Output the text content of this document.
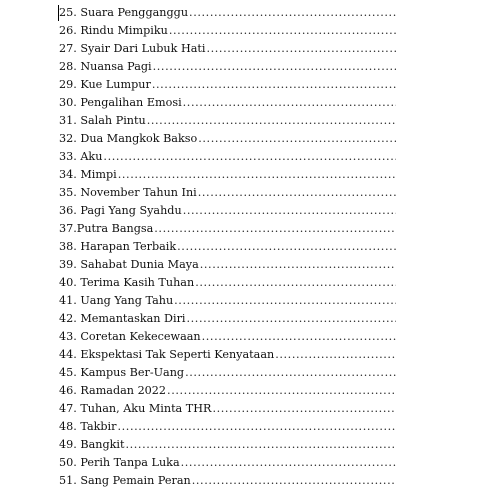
25. Suara Pengganggu
.....
26. Rindu Mimpiku
.....
27. Syair Dari Lubuk Hati
.....
28. Nuansa Pagi
.....
29. Kue Lumpur
.....
30. Pengalihan Emosi
.....
31. Salah Pintu
.....
32. Dua Mangkok Bakso
.....
33. Aku
.....
34. Mimpi
.....
35. November Tahun Ini
.....
36. Pagi Yang Syahdu
.....
37.Putra Bangsa
.....
38. Harapan Terbaik
.....
39. Sahabat Dunia Maya
.....
40. Terima Kasih Tuhan
.....
41. Uang Yang Tahu
.....
42. Memantaskan Diri
.....
43. Coretan Kekecewaan
.....
44. Ekspektasi Tak Seperti Kenyataan
.....
45. Kampus Ber-Uang
.....
46. Ramadan 2022
.....
47. Tuhan, Aku Minta THR
.....
48. Takbir
.....
49. Bangkit
.....
50. Perih Tanpa Luka
.....
51. Sang Pemain Peran
.....
